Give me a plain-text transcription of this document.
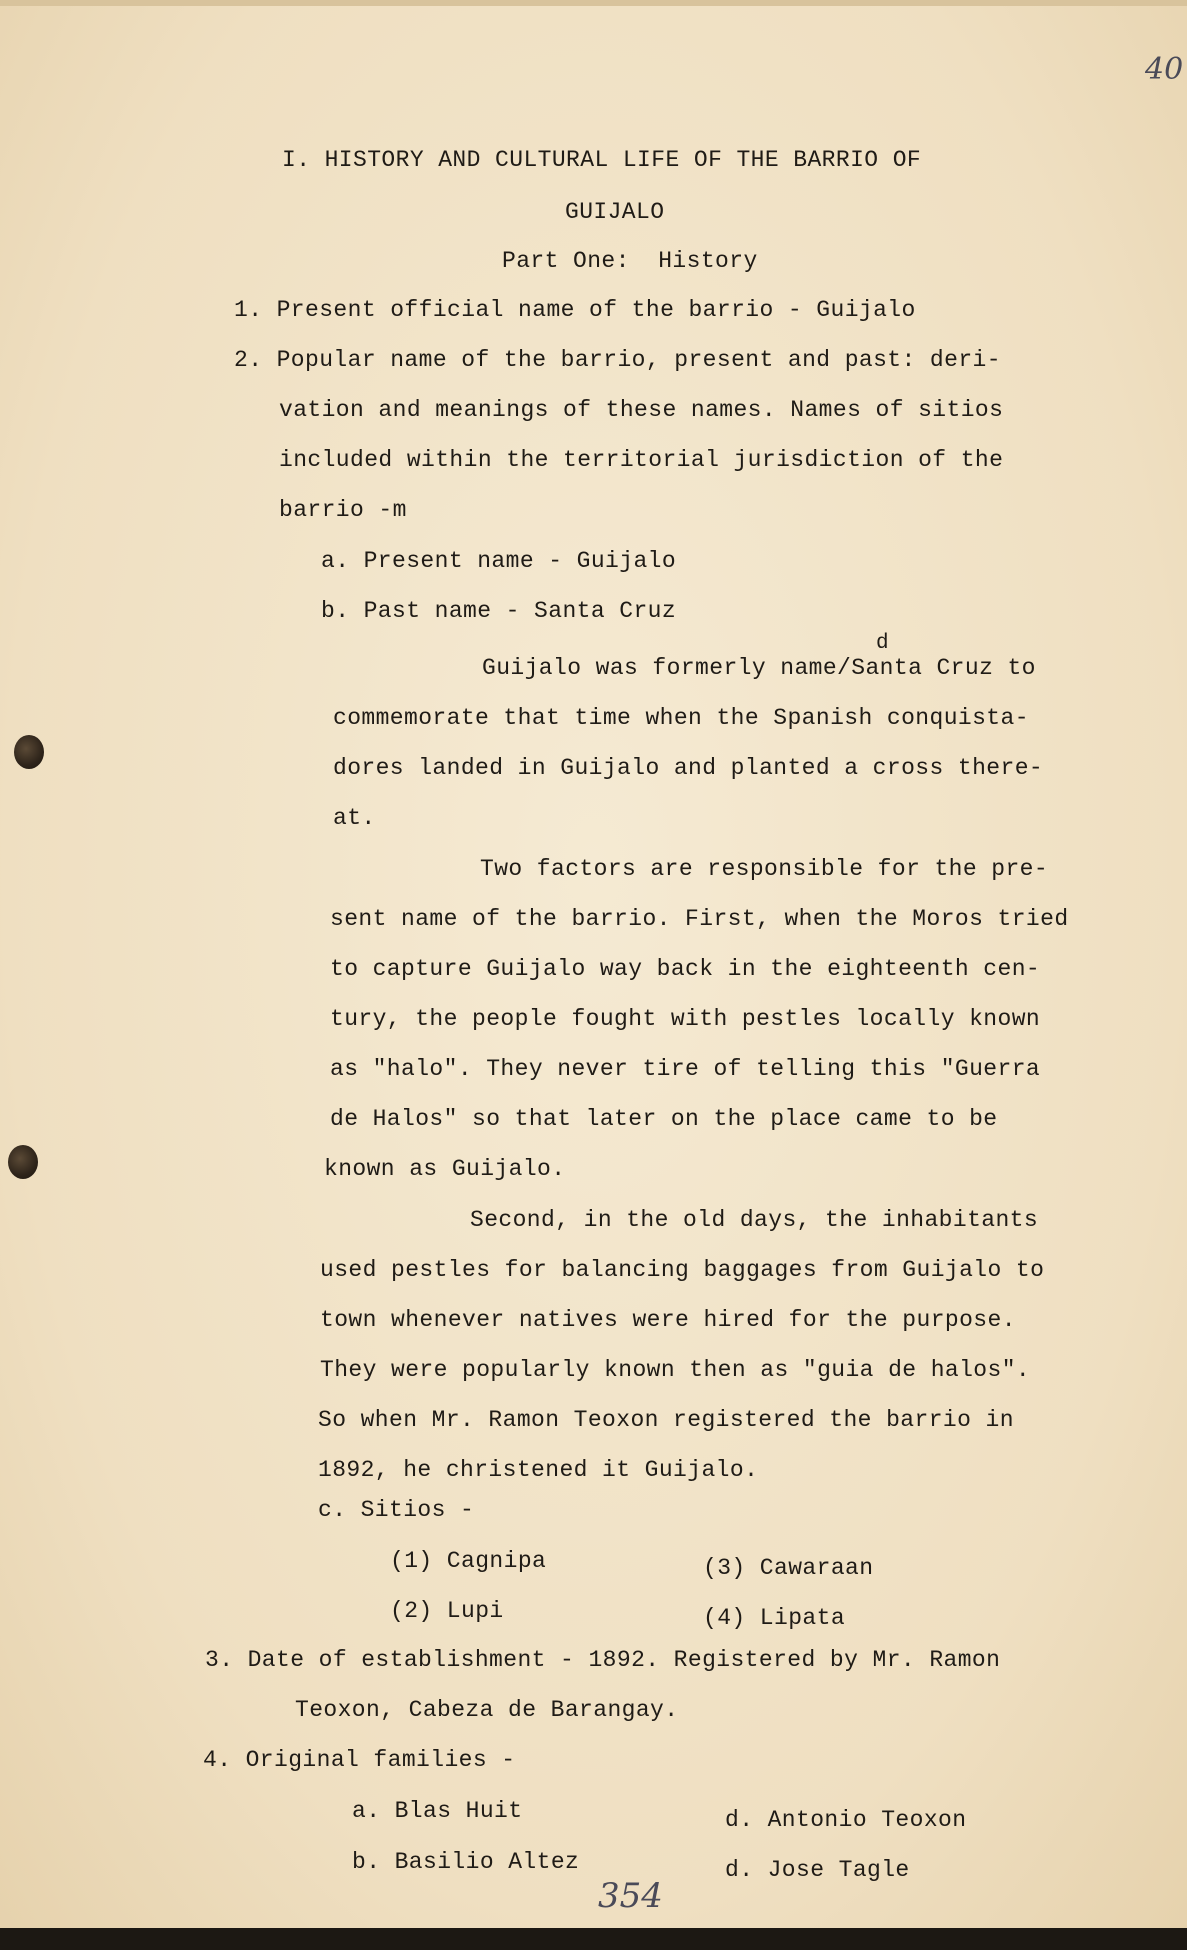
40
I. HISTORY AND CULTURAL LIFE OF THE BARRIO OF
GUIJALO
Part One:  History
1. Present official name of the barrio - Guijalo
2. Popular name of the barrio, present and past: deri-
vation and meanings of these names. Names of sitios
included within the territorial jurisdiction of the
barrio -m
a. Present name - Guijalo
b. Past name - Santa Cruz
d
Guijalo was formerly name/Santa Cruz to
commemorate that time when the Spanish conquista-
dores landed in Guijalo and planted a cross there-
at.
Two factors are responsible for the pre-
sent name of the barrio. First, when the Moros tried
to capture Guijalo way back in the eighteenth cen-
tury, the people fought with pestles locally known
as "halo". They never tire of telling this "Guerra
de Halos" so that later on the place came to be
known as Guijalo.
Second, in the old days, the inhabitants
used pestles for balancing baggages from Guijalo to
town whenever natives were hired for the purpose.
They were popularly known then as "guia de halos".
So when Mr. Ramon Teoxon registered the barrio in
1892, he christened it Guijalo.
c. Sitios -
(1) Cagnipa	(3) Cawaraan
(2) Lupi	(4) Lipata
3. Date of establishment - 1892. Registered by Mr. Ramon
Teoxon, Cabeza de Barangay.
4. Original families -
a. Blas Huit	d. Antonio Teoxon
b. Basilio Altez	d. Jose Tagle
354
